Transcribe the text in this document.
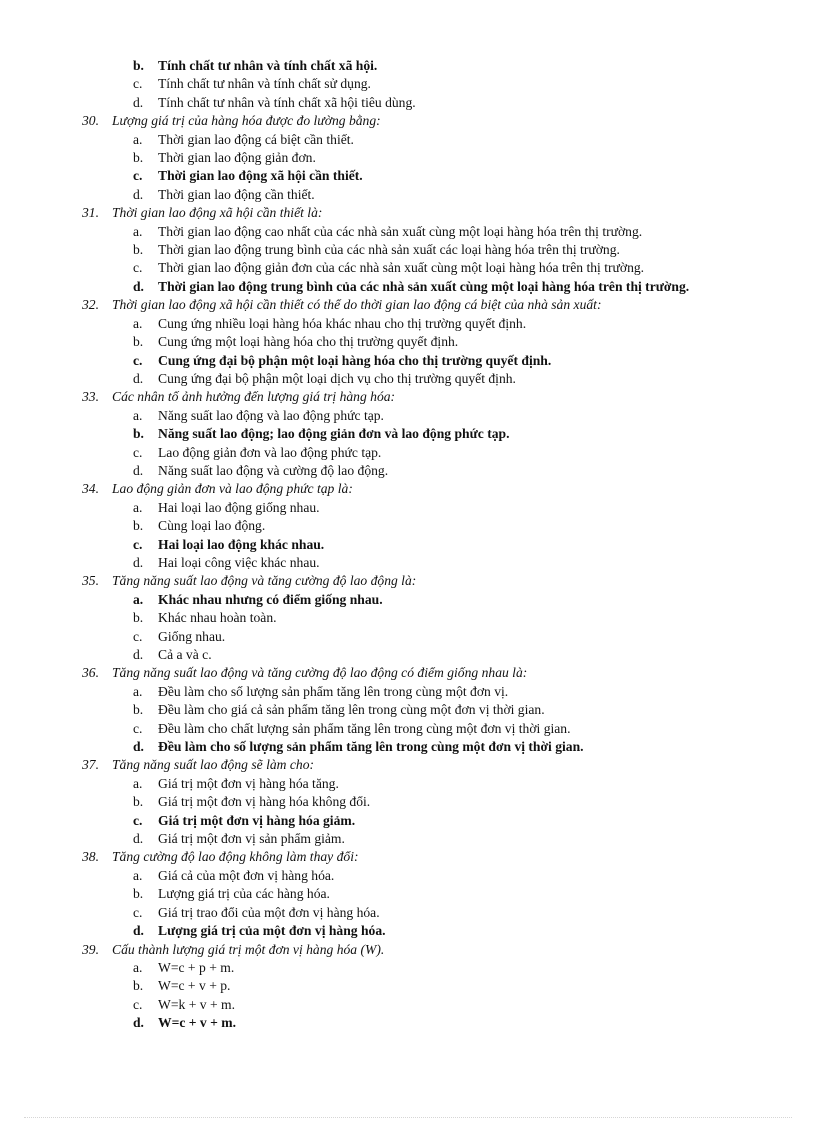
b.	Tính chất tư nhân và tính chất xã hội.
c.	Tính chất tư nhân và tính chất sử dụng.
d.	Tính chất tư nhân và tính chất xã hội tiêu dùng.
30. Lượng giá trị của hàng hóa được đo lường bằng:
a.	Thời gian lao động cá biệt cần thiết.
b.	Thời gian lao động giản đơn.
c.	Thời gian lao động xã hội cần thiết.
d.	Thời gian lao động cần thiết.
31. Thời gian lao động xã hội cần thiết là:
a.	Thời gian lao động cao nhất của các nhà sản xuất cùng một loại hàng hóa trên thị trường.
b.	Thời gian lao động trung bình của các nhà sản xuất các loại hàng hóa trên thị trường.
c.	Thời gian lao động giản đơn của các nhà sản xuất cùng một loại hàng hóa trên thị trường.
d.	Thời gian lao động trung bình của các nhà sản xuất cùng một loại hàng hóa trên thị trường.
32. Thời gian lao động xã hội cần thiết có thể do thời gian lao động cá biệt của nhà sản xuất:
a.	Cung ứng nhiều loại hàng hóa khác nhau cho thị trường quyết định.
b.	Cung ứng một loại hàng hóa cho thị trường quyết định.
c.	Cung ứng đại bộ phận một loại hàng hóa cho thị trường quyết định.
d.	Cung ứng đại bộ phận một loại dịch vụ cho thị trường quyết định.
33. Các nhân tố ảnh hưởng đến lượng giá trị hàng hóa:
a.	Năng suất lao động và lao động phức tạp.
b.	Năng suất lao động; lao động giản đơn và lao động phức tạp.
c.	Lao động giản đơn và lao động phức tạp.
d.	Năng suất lao động và cường độ lao động.
34. Lao động giản đơn và lao động phức tạp là:
a.	Hai loại lao động giống nhau.
b.	Cùng loại lao động.
c.	Hai loại lao động khác nhau.
d.	Hai loại công việc khác nhau.
35. Tăng năng suất lao động và tăng cường độ lao động là:
a.	Khác nhau nhưng có điểm giống nhau.
b.	Khác nhau hoàn toàn.
c.	Giống nhau.
d.	Cả a và c.
36. Tăng năng suất lao động và tăng cường độ lao động có điểm giống nhau là:
a.	Đều làm cho số lượng sản phẩm tăng lên trong cùng một đơn vị.
b.	Đều làm cho giá cả sản phẩm tăng lên trong cùng một đơn vị thời gian.
c.	Đều làm cho chất lượng sản phẩm tăng lên trong cùng một đơn vị thời gian.
d.	Đều làm cho số lượng sản phẩm tăng lên trong cùng một đơn vị thời gian.
37. Tăng năng suất lao động sẽ làm cho:
a.	Giá trị một đơn vị hàng hóa tăng.
b.	Giá trị một đơn vị hàng hóa không đổi.
c.	Giá trị một đơn vị hàng hóa giảm.
d.	Giá trị một đơn vị sản phẩm giảm.
38. Tăng cường độ lao động không làm thay đổi:
a.	Giá cả của một đơn vị hàng hóa.
b.	Lượng giá trị của các hàng hóa.
c.	Giá trị trao đổi của một đơn vị hàng hóa.
d.	Lượng giá trị của một đơn vị hàng hóa.
39. Cấu thành lượng giá trị một đơn vị hàng hóa (W).
a.	W=c + p + m.
b.	W=c + v + p.
c.	W=k + v + m.
d.	W=c + v + m.
